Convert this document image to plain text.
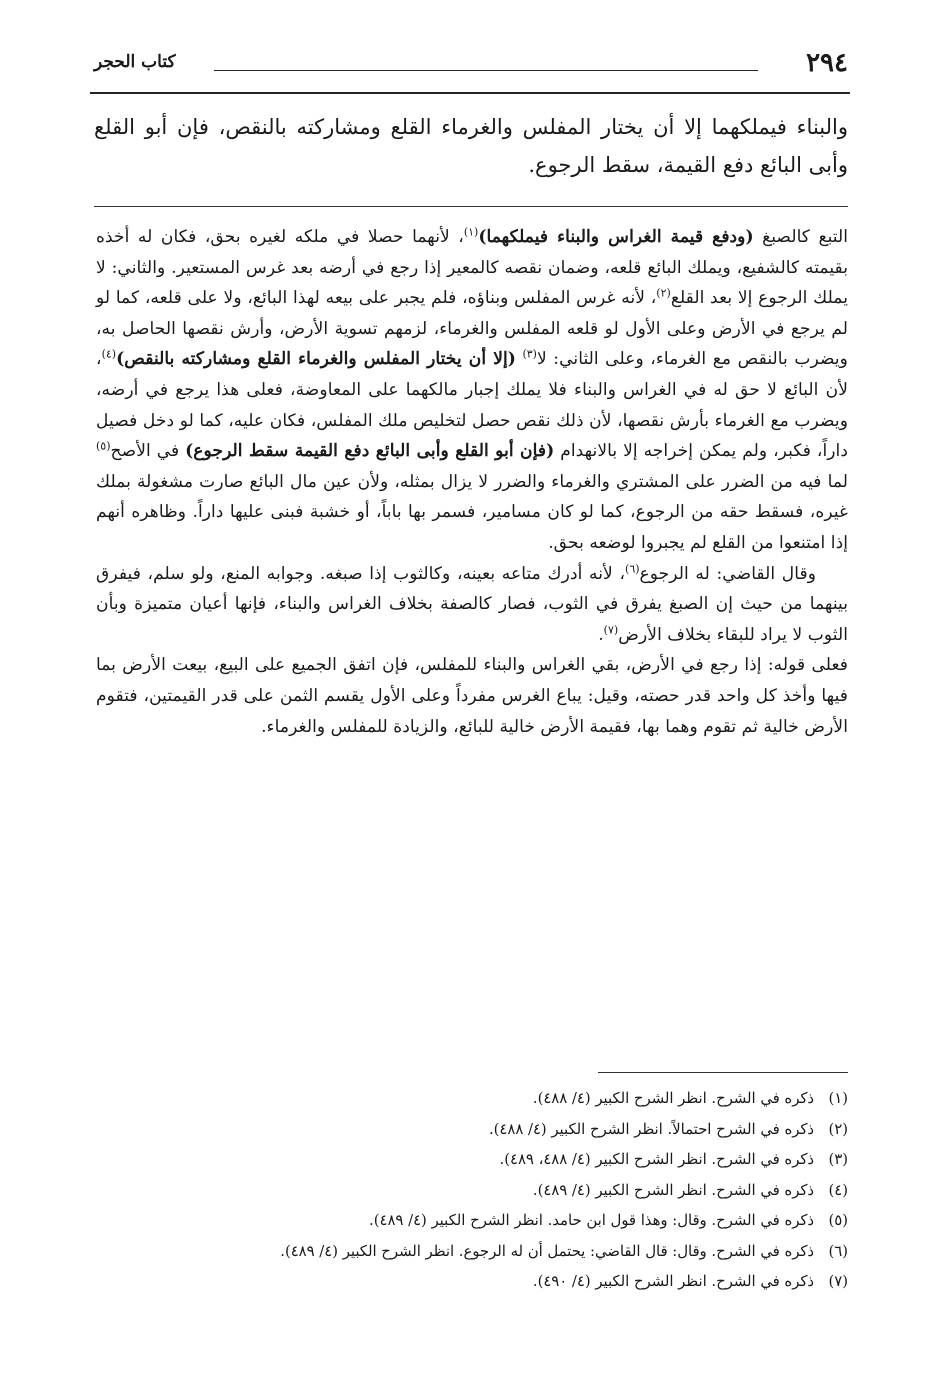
٢٩٤
كتاب الحجر
والبناء فيملكهما إلا أن يختار المفلس والغرماء القلع ومشاركته بالنقص، فإن أبو القلع وأبى البائع دفع القيمة، سقط الرجوع.

التبع كالصبغ (ودفع قيمة الغراس والبناء فيملكهما)$^{(١)}$، لأنهما حصلا في ملكه لغيره بحق، فكان له أخذه بقيمته كالشفيع، ويملك البائع قلعه، وضمان نقصه كالمعير إذا رجع في أرضه بعد غرس المستعير. والثاني: لا يملك الرجوع إلا بعد القلع$^{(٢)}$، لأنه غرس المفلس وبناؤه، فلم يجبر على بيعه لهذا البائع، ولا على قلعه، كما لو لم يرجع في الأرض وعلى الأول لو قلعه المفلس والغرماء، لزمهم تسوية الأرض، وأرش نقصها الحاصل به، ويضرب بالنقص مع الغرماء، وعلى الثاني: لا$^{(٣)}$ (إلا أن يختار المفلس والغرماء القلع ومشاركته بالنقص)$^{(٤)}$، لأن البائع لا حق له في الغراس والبناء فلا يملك إجبار مالكهما على المعاوضة، فعلى هذا يرجع في أرضه، ويضرب مع الغرماء بأرش نقصها، لأن ذلك نقص حصل لتخليص ملك المفلس، فكان عليه، كما لو دخل فصيل داراً، فكبر، ولم يمكن إخراجه إلا بالانهدام (فإن أبو القلع وأبى البائع دفع القيمة سقط الرجوع) في الأصح$^{(٥)}$ لما فيه من الضرر على المشتري والغرماء والضرر لا يزال بمثله، ولأن عين مال البائع صارت مشغولة بملك غيره، فسقط حقه من الرجوع، كما لو كان مسامير، فسمر بها باباً، أو خشبة فبنى عليها داراً. وظاهره أنهم إذا امتنعوا من القلع لم يجبروا لوضعه بحق.

وقال القاضي: له الرجوع$^{(٦)}$، لأنه أدرك متاعه بعينه، وكالثوب إذا صبغه. وجوابه المنع، ولو سلم، فيفرق بينهما من حيث إن الصبغ يفرق في الثوب، فصار كالصفة بخلاف الغراس والبناء، فإنها أعيان متميزة وبأن الثوب لا يراد للبقاء بخلاف الأرض$^{(٧)}$.

فعلى قوله: إذا رجع في الأرض، بقي الغراس والبناء للمفلس، فإن اتفق الجميع على البيع، بيعت الأرض بما فيها وأخذ كل واحد قدر حصته، وقيل: يباع الغرس مفرداً وعلى الأول يقسم الثمن على قدر القيمتين، فتقوم الأرض خالية ثم تقوم وهما بها، فقيمة الأرض خالية للبائع، والزيادة للمفلس والغرماء.

(١)ذكره في الشرح. انظر الشرح الكبير (٤/ ٤٨٨).
(٢)ذكره في الشرح احتمالاً. انظر الشرح الكبير (٤/ ٤٨٨).
(٣)ذكره في الشرح. انظر الشرح الكبير (٤/ ٤٨٨، ٤٨٩).
(٤)ذكره في الشرح. انظر الشرح الكبير (٤/ ٤٨٩).
(٥)ذكره في الشرح. وقال: وهذا قول ابن حامد. انظر الشرح الكبير (٤/ ٤٨٩).
(٦)ذكره في الشرح. وقال: قال القاضي: يحتمل أن له الرجوع. انظر الشرح الكبير (٤/ ٤٨٩).
(٧)ذكره في الشرح. انظر الشرح الكبير (٤/ ٤٩٠).
